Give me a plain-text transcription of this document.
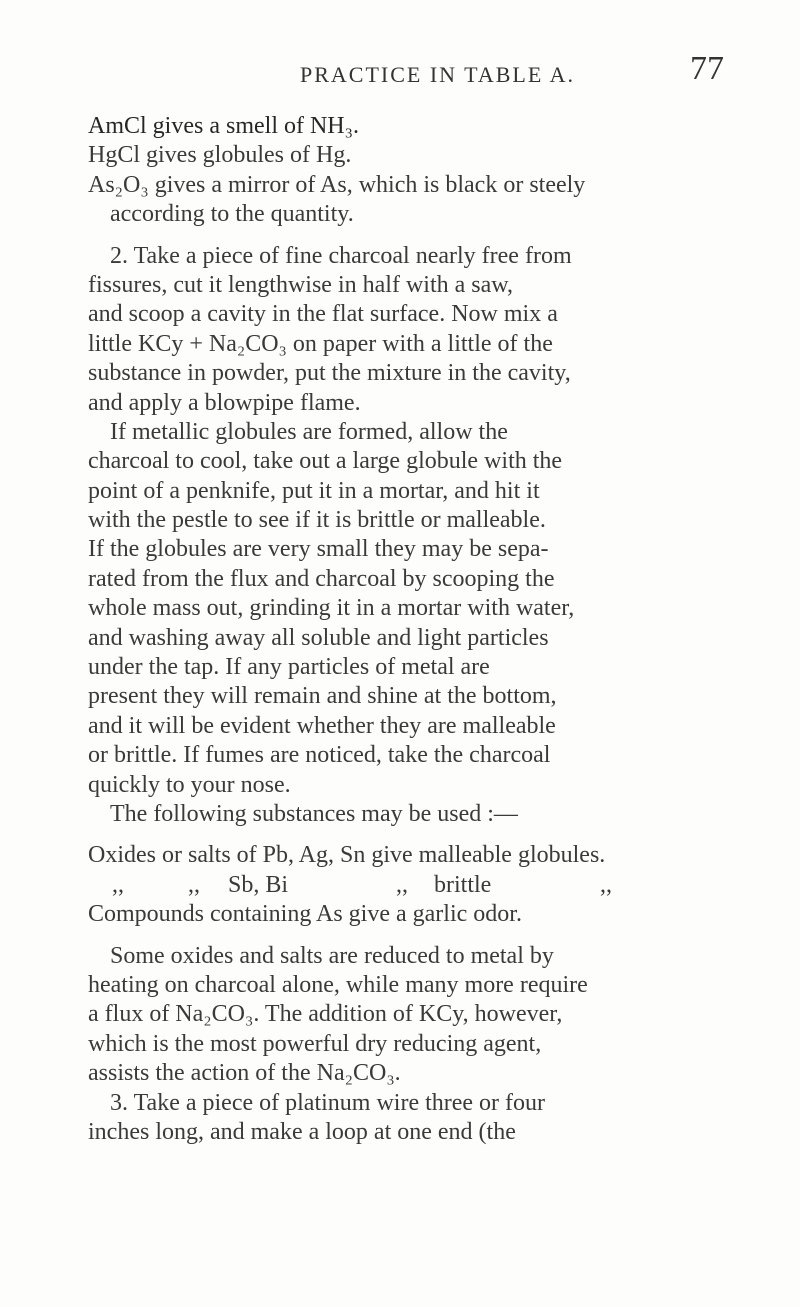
PRACTICE IN TABLE A.	77
AmCl gives a smell of NH₃.
HgCl gives globules of Hg.
As₂O₃ gives a mirror of As, which is black or steely
according to the quantity.
2. Take a piece of fine charcoal nearly free from
fissures, cut it lengthwise in half with a saw,
and scoop a cavity in the flat surface. Now mix a
little KCy + Na₂CO₃ on paper with a little of the
substance in powder, put the mixture in the cavity,
and apply a blowpipe flame.
If metallic globules are formed, allow the
charcoal to cool, take out a large globule with the
point of a penknife, put it in a mortar, and hit it
with the pestle to see if it is brittle or malleable.
If the globules are very small they may be sepa-
rated from the flux and charcoal by scooping the
whole mass out, grinding it in a mortar with water,
and washing away all soluble and light particles
under the tap. If any particles of metal are
present they will remain and shine at the bottom,
and it will be evident whether they are malleable
or brittle. If fumes are noticed, take the charcoal
quickly to your nose.
The following substances may be used :—
Oxides or salts of Pb, Ag, Sn give malleable globules.
,,	,, Sb, Bi	,, brittle	,,
Compounds containing As give a garlic odor.
Some oxides and salts are reduced to metal by
heating on charcoal alone, while many more require
a flux of Na₂CO₃. The addition of KCy, however,
which is the most powerful dry reducing agent,
assists the action of the Na₂CO₃.
3. Take a piece of platinum wire three or four
inches long, and make a loop at one end (the
